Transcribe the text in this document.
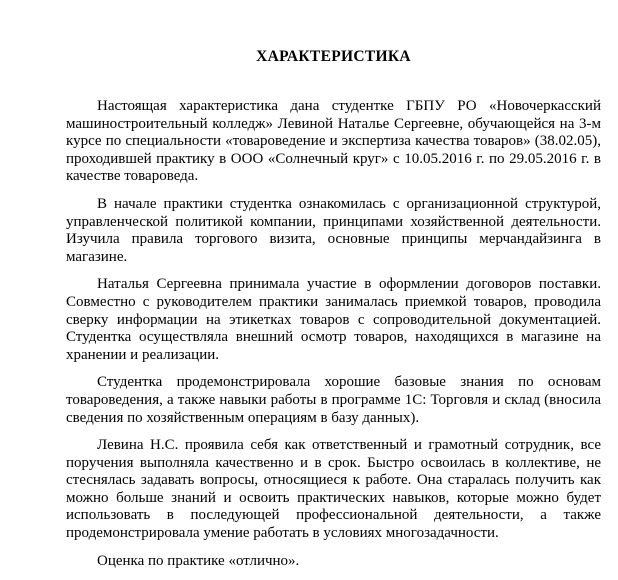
ХАРАКТЕРИСТИКА

Настоящая характеристика дана студентке ГБПУ РО «Новочеркасский машиностроительный колледж» Левиной Наталье Сергеевне, обучающейся на 3-м курсе по специальности «товароведение и экспертиза качества товаров» (38.02.05), проходившей практику в ООО «Солнечный круг» с 10.05.2016 г. по 29.05.2016 г. в качестве товароведа.

В начале практики студентка ознакомилась с организационной структурой, управленческой политикой компании, принципами хозяйственной деятельности. Изучила правила торгового визита, основные принципы мерчандайзинга в магазине.

Наталья Сергеевна принимала участие в оформлении договоров поставки. Совместно с руководителем практики занималась приемкой товаров, проводила сверку информации на этикетках товаров с сопроводительной документацией. Студентка осуществляла внешний осмотр товаров, находящихся в магазине на хранении и реализации.

Студентка продемонстрировала хорошие базовые знания по основам товароведения, а также навыки работы в программе 1С: Торговля и склад (вносила сведения по хозяйственным операциям в базу данных).

Левина Н.С. проявила себя как ответственный и грамотный сотрудник, все поручения выполняла качественно и в срок. Быстро освоилась в коллективе, не стеснялась задавать вопросы, относящиеся к работе. Она старалась получить как можно больше знаний и освоить практических навыков, которые можно будет использовать в последующей профессиональной деятельности, а также продемонстрировала умение работать в условиях многозадачности.

Оценка по практике «отлично».
